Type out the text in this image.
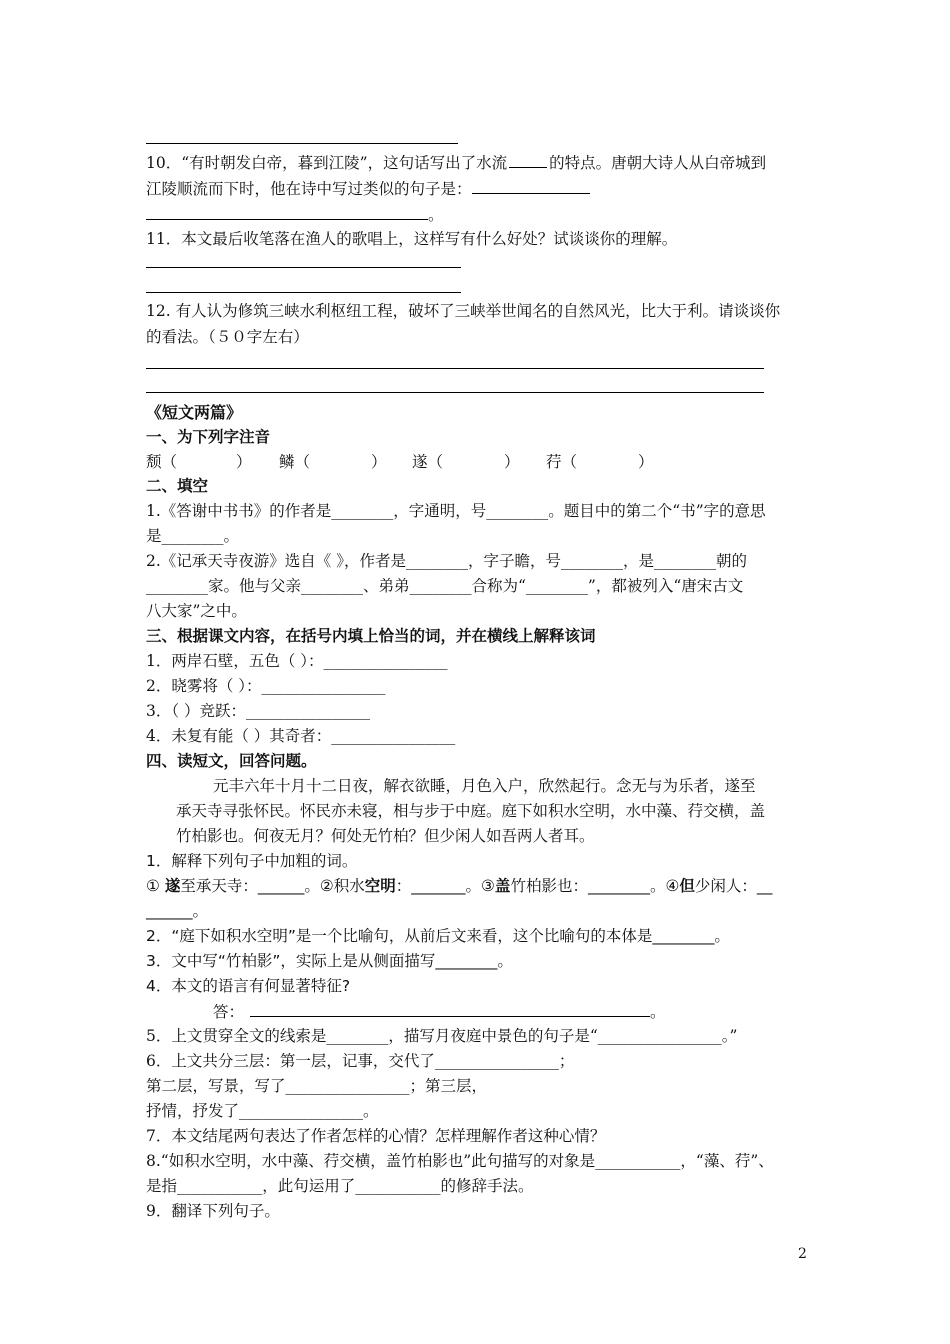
10．“有时朝发白帝，暮到江陵”，这句话写出了水流	的特点。唐朝大诗人从白帝城到
江陵顺流而下时，他在诗中写过类似的句子是：
。
11．本文最后收笔落在渔人的歌唱上，这样写有什么好处？试谈谈你的理解。
12. 有人认为修筑三峡水利枢纽工程，破坏了三峡举世闻名的自然风光，比大于利。请谈谈你
的看法。（５０字左右）
《短文两篇》
一、为下列字注音
颓（	） 鳞（	） 遂（	） 荇（	）
二、填空
1.《答谢中书书》的作者是________，字通明，号________。题目中的第二个“书”字的意思
是________。
2.《记承天寺夜游》选自《 》，作者是________，字子瞻，号________，是________朝的
________家。他与父亲________、弟弟________合称为“________”，都被列入“唐宋古文
八大家”之中。
三、根据课文内容，在括号内填上恰当的词，并在横线上解释该词
1．两岸石壁，五色（ ）：________________
2．晓雾将（ ）：________________
3．（ ）竞跃：________________
4．未复有能（ ）其奇者：________________
四、读短文，回答问题。
元丰六年十月十二日夜，解衣欲睡，月色入户，欣然起行。念无与为乐者，遂至
承天寺寻张怀民。怀民亦未寝，相与步于中庭。庭下如积水空明，水中藻、荇交横，盖
竹柏影也。何夜无月？何处无竹柏？但少闲人如吾两人者耳。
1．解释下列句子中加粗的词。
① 遂至承天寺：______。②积水空明：_______。③盖竹柏影也：________。④但少闲人：__
______。
2．“庭下如积水空明”是一个比喻句，从前后文来看，这个比喻句的本体是________。
3．文中写“竹柏影”，实际上是从侧面描写________。
4．本文的语言有何显著特征?
答：	。
5．上文贯穿全文的线索是________，描写月夜庭中景色的句子是“________________。”
6．上文共分三层：第一层，记事，交代了________________；
第二层，写景，写了________________；第三层，
抒情，抒发了________________。
7．本文结尾两句表达了作者怎样的心情？怎样理解作者这种心情？
8.“如积水空明，水中藻、荇交横，盖竹柏影也”此句描写的对象是___________，“藻、荇”、
是指___________，此句运用了___________的修辞手法。
9．翻译下列句子。
2
